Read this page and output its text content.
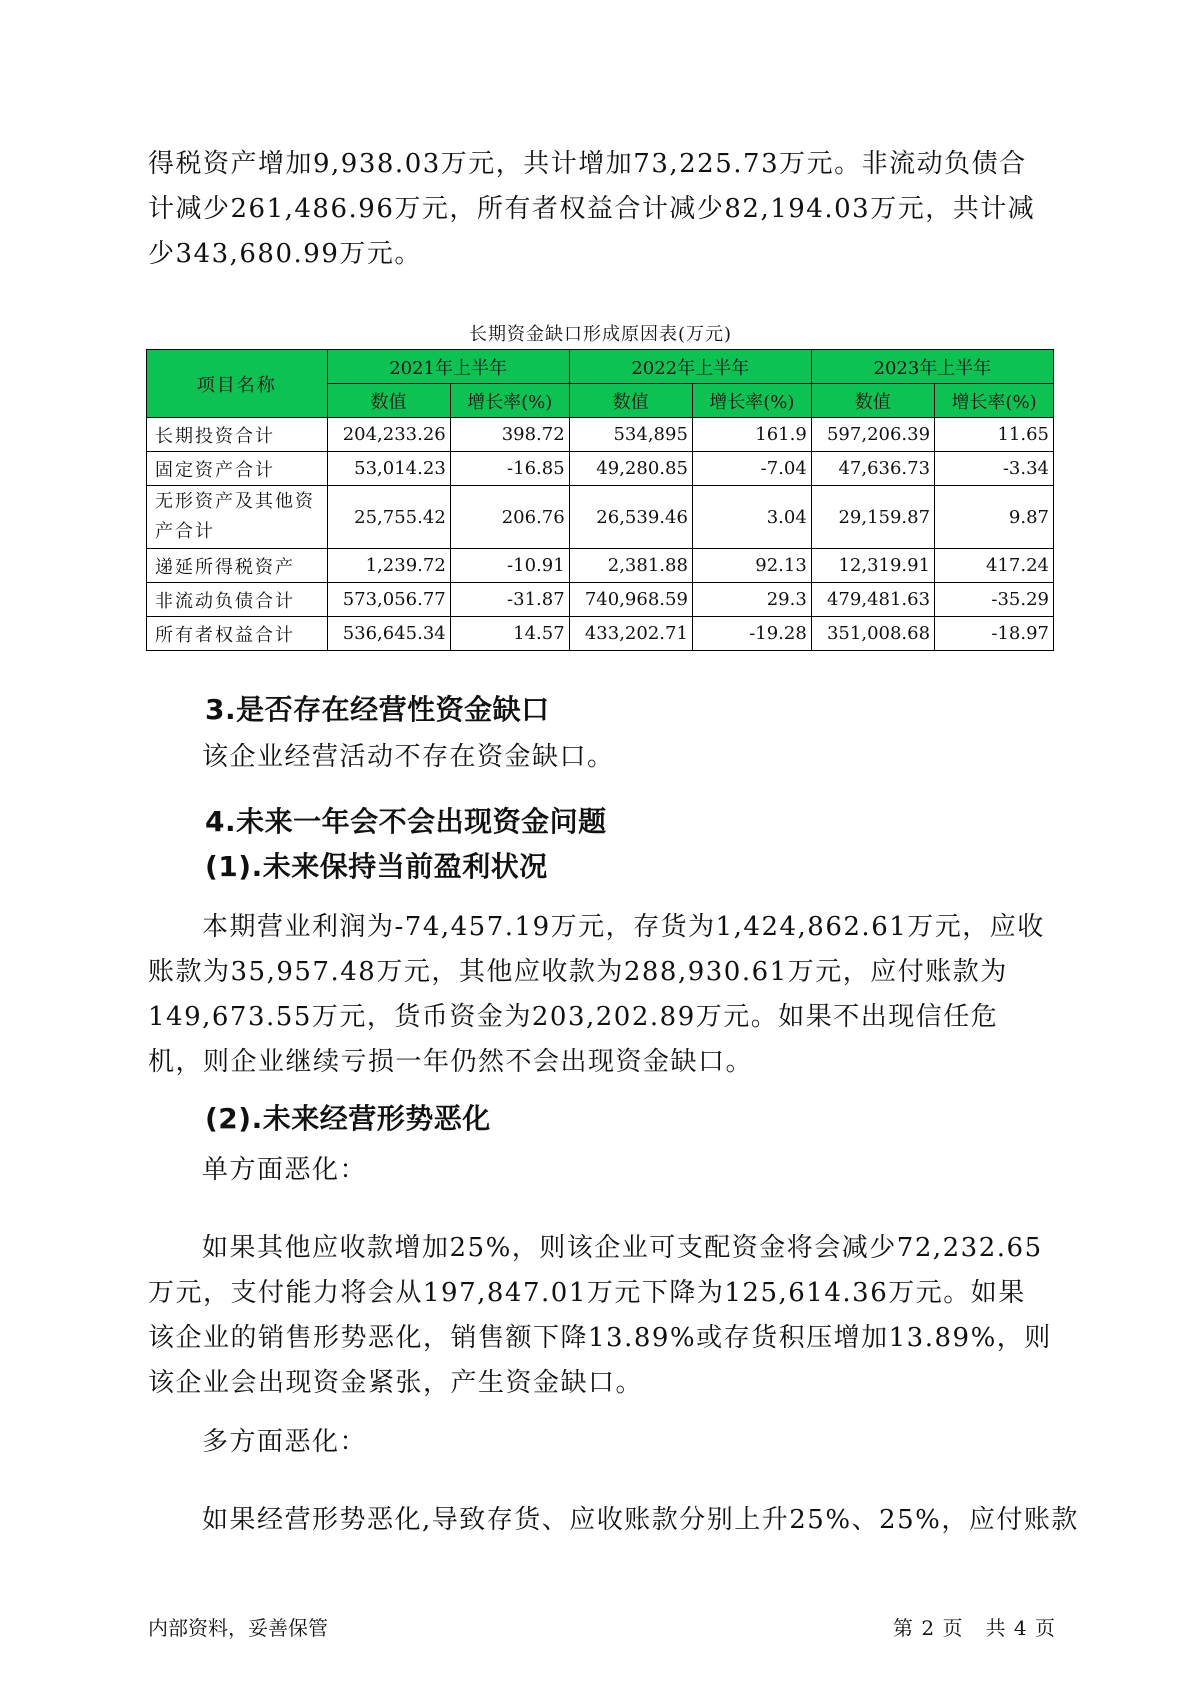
得税资产增加9,938.03万元，共计增加73,225.73万元。非流动负债合计减少261,486.96万元，所有者权益合计减少82,194.03万元，共计减少343,680.99万元。

长期资金缺口形成原因表(万元)
项目名称	2021年上半年		2022年上半年		2023年上半年	
	数值	增长率(%)	数值	增长率(%)	数值	增长率(%)
长期投资合计	204,233.26	398.72	534,895	161.9	597,206.39	11.65
固定资产合计	53,014.23	-16.85	49,280.85	-7.04	47,636.73	-3.34
无形资产及其他资产合计	25,755.42	206.76	26,539.46	3.04	29,159.87	9.87
递延所得税资产	1,239.72	-10.91	2,381.88	92.13	12,319.91	417.24
非流动负债合计	573,056.77	-31.87	740,968.59	29.3	479,481.63	-35.29
所有者权益合计	536,645.34	14.57	433,202.71	-19.28	351,008.68	-18.97
3.是否存在经营性资金缺口

该企业经营活动不存在资金缺口。

4.未来一年会不会出现资金问题
(1).未来保持当前盈利状况

本期营业利润为-74,457.19万元，存货为1,424,862.61万元，应收账款为35,957.48万元，其他应收款为288,930.61万元，应付账款为149,673.55万元，货币资金为203,202.89万元。如果不出现信任危机，则企业继续亏损一年仍然不会出现资金缺口。

(2).未来经营形势恶化

单方面恶化：

如果其他应收款增加25%，则该企业可支配资金将会减少72,232.65万元，支付能力将会从197,847.01万元下降为125,614.36万元。如果该企业的销售形势恶化，销售额下降13.89%或存货积压增加13.89%，则该企业会出现资金紧张，产生资金缺口。

多方面恶化：

如果经营形势恶化,导致存货、应收账款分别上升25%、25%，应付账款

内部资料，妥善保管	第 2 页   共 4 页
